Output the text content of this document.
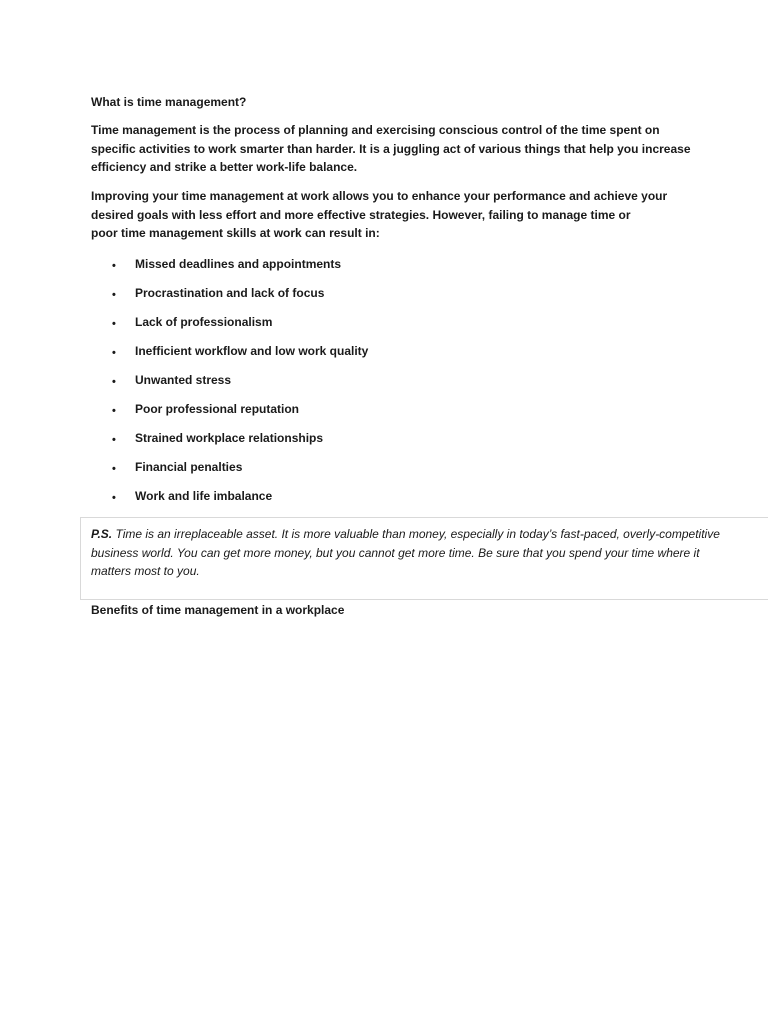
What is time management?
Time management is the process of planning and exercising conscious control of the time spent on
specific activities to work smarter than harder. It is a juggling act of various things that help you increase
efficiency and strike a better work-life balance.
Improving your time management at work allows you to enhance your performance and achieve your
desired goals with less effort and more effective strategies. However, failing to manage time or
poor time management skills at work can result in:
• Missed deadlines and appointments
• Procrastination and lack of focus
• Lack of professionalism
• Inefficient workflow and low work quality
• Unwanted stress
• Poor professional reputation
• Strained workplace relationships
• Financial penalties
• Work and life imbalance
P.S. Time is an irreplaceable asset. It is more valuable than money, especially in today’s fast-paced, overly-competitive
business world. You can get more money, but you cannot get more time. Be sure that you spend your time where it
matters most to you.
Benefits of time management in a workplace
